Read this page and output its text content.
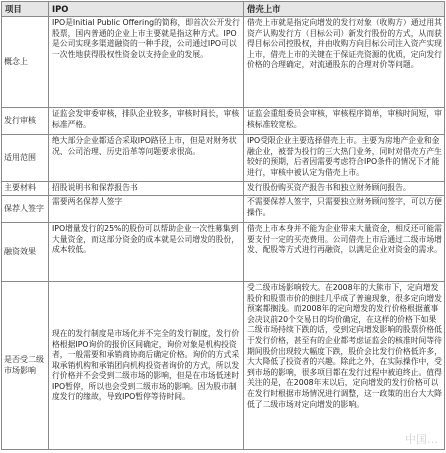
项目	IPO	借壳上市
概念上	IPO是Initial Public Offering的简称，即首次公开发行股票，国内普通的企业上市主要就是指这种方式。IPO是公司实现多渠道融资的一种手段，公司通过IPO可以一次性地获得股权性资金以支持企业的发展。	借壳上市就是指定向增发的发行对象（收购方）通过用其资产认购发行方（目标公司）新发行股份的方式，从而获得目标公司控股权，并由收购方向目标公司注入资产实现上市，借壳上市的关键在于保证壳资源的优质，定向发行价格的合理确定，对流通股东的合理对价等问题。
发行审核	证监会发审委审核，排队企业较多，审核时间长，审核标准严格。	证监会重组委员会审核，审核程序简单，审核时间短，审核标准较宽松。
适用范围	绝大部分企业都适合采取IPO路径上市，但是对财务状况、公司治理、历史沿革等问题要求很高。	IPO受限企业主要选择借壳上市。主要为房地产企业和金融企业，被誉为投行的三大热门业务，同时对借壳方产生较好的预期，后者因需要考虑符合IPO条件的情况下才能进行，审核中被认定为借壳上市。
主要材料	招股说明书和保荐报告书	发行股份购买资产报告书和独立财务顾问报告。
保荐人签字	需要两名保荐人签字	不需要保荐人签字，只需要独立财务顾问签字，可以方便操作。
融资效果	IPO增量发行的25%的股份可以帮助企业一次性募集到大量资金，而这部分资金的成本就是公司增发的股份，成本较低。	借壳上市本身并不能为企业带来大量资金，相反还可能需要支付一定的买壳费用。公司借壳上市后通过二级市场增发、配股等方式进行再融资，以满足企业对资金的需求。
是否受二级市场影响	现在的发行制度是市场化并不完全的发行制度，发行价格根据IPO询价的报价区间确定，询价对象是机构投资者，一般需要和承销商协商后确定价格。询价的方式采取承销机构和承销团向机构投资者询价的方式，所以发行价格并不会受到二级市场的影响，但是在市场低迷时IPO暂停，所以也会受到二级市场的影响。因为股市制度发行的缘故，导致IPO暂停等待时间。	受二级市场影响较大。在2008年的大熊市下，定向增发股价和股票市价的倒挂几乎成了普遍现象，很多定向增发预案都搁浅。而2008年的定向增发的发行价格根据董事会决议前20个交易日的均价确定，在这样的价格下如果二级市场持续下跌的话，受到定向增发影响的股票价格低于发行价格，甚至有的企业都考虑证监会的核准时间等待期间股价出现较大幅度下跌，股价会比发行价格低许多，大大降低了投资者的兴趣。除此之外，在实际操作中，受到市场的影响，很多项目都在发行过程中被迫终止。值得关注的是，在2008年末以后，定向增发的发行价格可以在发行时根据市场情况进行调整，这一政策的出台大大降低了二级市场对定向增发的影响。
中国…
